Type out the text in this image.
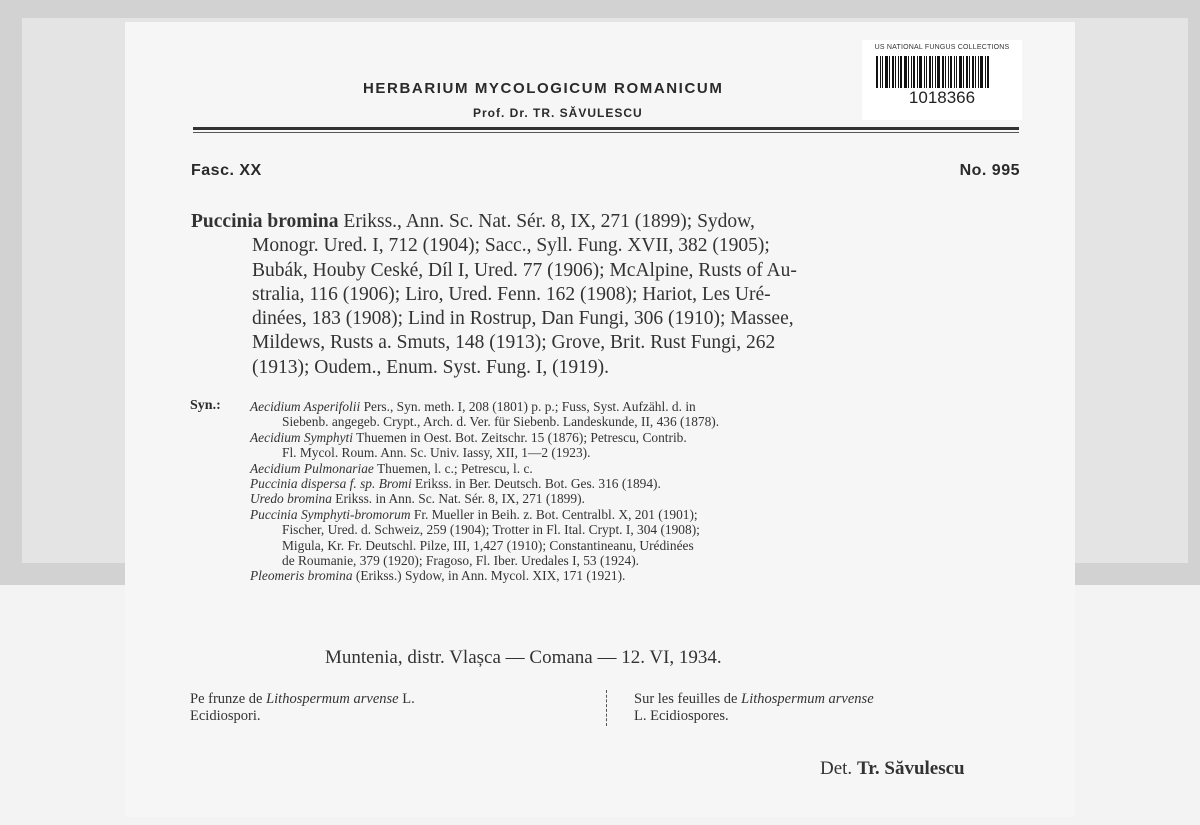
US NATIONAL FUNGUS COLLECTIONS
1018366
HERBARIUM MYCOLOGICUM ROMANICUM
Prof. Dr. TR. SĂVULESCU
Fasc. XX	No. 995
Puccinia bromina Erikss., Ann. Sc. Nat. Sér. 8, IX, 271 (1899); Sydow,
Monogr. Ured. I, 712 (1904); Sacc., Syll. Fung. XVII, 382 (1905);
Bubák, Houby Ceské, Díl I, Ured. 77 (1906); McAlpine, Rusts of Au-
stralia, 116 (1906); Liro, Ured. Fenn. 162 (1908); Hariot, Les Uré-
dinées, 183 (1908); Lind in Rostrup, Dan Fungi, 306 (1910); Massee,
Mildews, Rusts a. Smuts, 148 (1913); Grove, Brit. Rust Fungi, 262
(1913); Oudem., Enum. Syst. Fung. I, (1919).
Syn.: Aecidium Asperifolii Pers., Syn. meth. I, 208 (1801) p. p.; Fuss, Syst. Aufzähl. d. in
Siebenb. angegeb. Crypt., Arch. d. Ver. für Siebenb. Landeskunde, II, 436 (1878).
Aecidium Symphyti Thuemen in Oest. Bot. Zeitschr. 15 (1876); Petrescu, Contrib.
Fl. Mycol. Roum. Ann. Sc. Univ. Iassy, XII, 1—2 (1923).
Aecidium Pulmonariae Thuemen, l. c.; Petrescu, l. c.
Puccinia dispersa f. sp. Bromi Erikss. in Ber. Deutsch. Bot. Ges. 316 (1894).
Uredo bromina Erikss. in Ann. Sc. Nat. Sér. 8, IX, 271 (1899).
Puccinia Symphyti-bromorum Fr. Mueller in Beih. z. Bot. Centralbl. X, 201 (1901);
Fischer, Ured. d. Schweiz, 259 (1904); Trotter in Fl. Ital. Crypt. I, 304 (1908);
Migula, Kr. Fr. Deutschl. Pilze, III, 1,427 (1910); Constantineanu, Urédinées
de Roumanie, 379 (1920); Fragoso, Fl. Iber. Uredales I, 53 (1924).
Pleomeris bromina (Erikss.) Sydow, in Ann. Mycol. XIX, 171 (1921).
Muntenia, distr. Vlașca — Comana — 12. VI, 1934.
Pe frunze de Lithospermum arvense L.
Ecidiospori.
Sur les feuilles de Lithospermum arvense
L. Ecidiospores.
Det. Tr. Săvulescu
